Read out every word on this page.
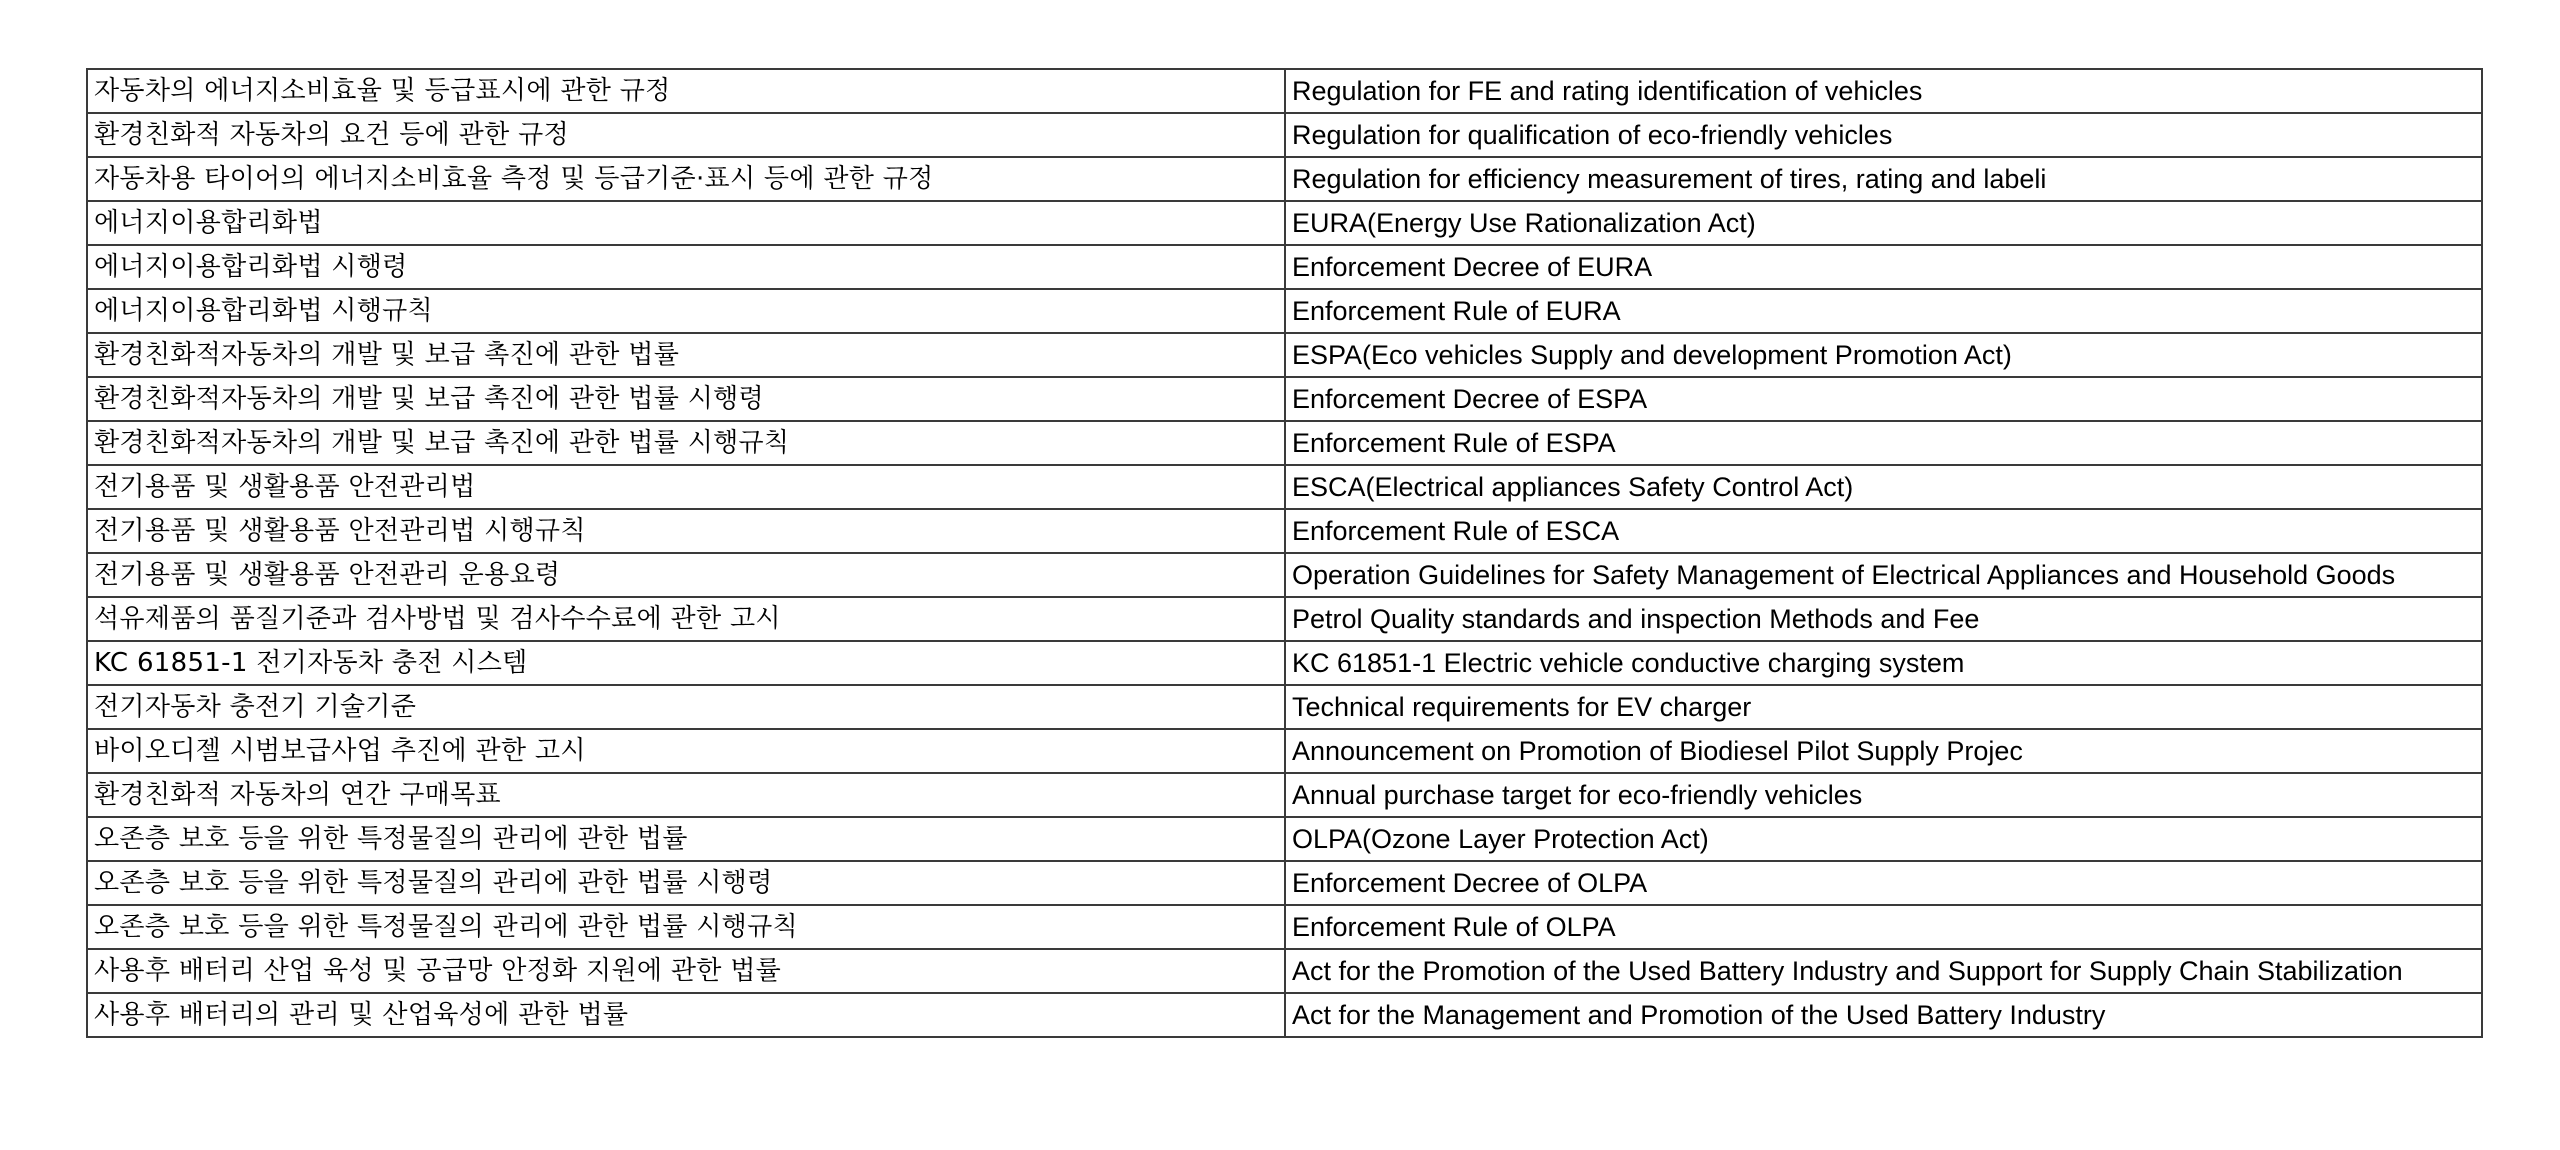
자동차의 에너지소비효율 및 등급표시에 관한 규정	Regulation for FE and rating identification of vehicles
환경친화적 자동차의 요건 등에 관한 규정	Regulation for qualification of eco-friendly vehicles
자동차용 타이어의 에너지소비효율 측정 및 등급기준·표시 등에 관한 규정	Regulation for efficiency measurement of tires, rating and labeli
에너지이용합리화법	EURA(Energy Use Rationalization Act)
에너지이용합리화법 시행령	Enforcement Decree of EURA
에너지이용합리화법 시행규칙	Enforcement Rule of EURA
환경친화적자동차의 개발 및 보급 촉진에 관한 법률	ESPA(Eco vehicles Supply and development Promotion Act)
환경친화적자동차의 개발 및 보급 촉진에 관한 법률 시행령	Enforcement Decree of ESPA
환경친화적자동차의 개발 및 보급 촉진에 관한 법률 시행규칙	Enforcement Rule of ESPA
전기용품 및 생활용품 안전관리법	ESCA(Electrical appliances Safety Control Act)
전기용품 및 생활용품 안전관리법 시행규칙	Enforcement Rule of ESCA
전기용품 및 생활용품 안전관리 운용요령	Operation Guidelines for Safety Management of Electrical Appliances and Household Goods
석유제품의 품질기준과 검사방법 및 검사수수료에 관한 고시	Petrol Quality standards and inspection Methods and Fee
KC 61851-1 전기자동차 충전 시스템	KC 61851-1 Electric vehicle conductive charging system
전기자동차 충전기 기술기준	Technical requirements for EV charger
바이오디젤 시범보급사업 추진에 관한 고시	Announcement on Promotion of Biodiesel Pilot Supply Projec
환경친화적 자동차의 연간 구매목표	Annual purchase target for eco-friendly vehicles
오존층 보호 등을 위한 특정물질의 관리에 관한 법률	OLPA(Ozone Layer Protection Act)
오존층 보호 등을 위한 특정물질의 관리에 관한 법률 시행령	Enforcement Decree of OLPA
오존층 보호 등을 위한 특정물질의 관리에 관한 법률 시행규칙	Enforcement Rule of OLPA
사용후 배터리 산업 육성 및 공급망 안정화 지원에 관한 법률	Act for the Promotion of the Used Battery Industry and Support for Supply Chain Stabilization
사용후 배터리의 관리 및 산업육성에 관한 법률	Act for the Management and Promotion of the Used Battery Industry
